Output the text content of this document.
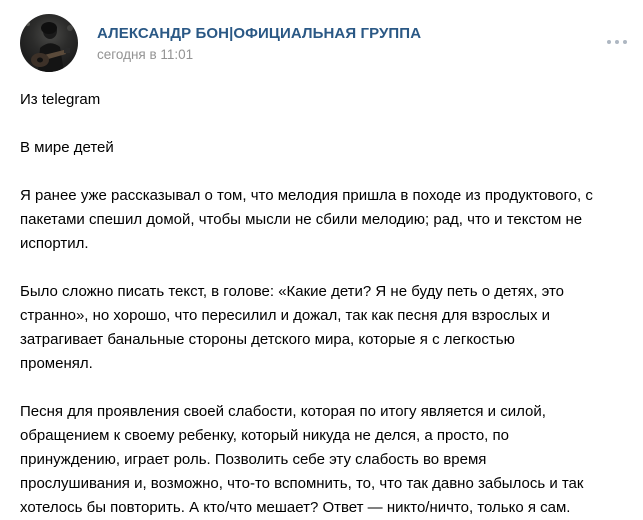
АЛЕКСАНДР БОН|ОФИЦИАЛЬНАЯ ГРУППА
сегодня в 11:01

Из telegram

В мире детей

Я ранее уже рассказывал о том, что мелодия пришла в походе из продуктового, с

пакетами спешил домой, чтобы мысли не сбили мелодию; рад, что и текстом не

испортил.

Было сложно писать текст, в голове: «Какие дети? Я не буду петь о детях, это

странно», но хорошо, что пересилил и дожал, так как песня для взрослых и

затрагивает банальные стороны детского мира, которые я с легкостью

променял.

Песня для проявления своей слабости, которая по итогу является и силой,

обращением к своему ребенку, который никуда не делся, а просто, по

принуждению, играет роль. Позволить себе эту слабость во время

прослушивания и, возможно, что-то вспомнить, то, что так давно забылось и так

хотелось бы повторить. А кто/что мешает? Ответ — никто/ничто, только я сам.
